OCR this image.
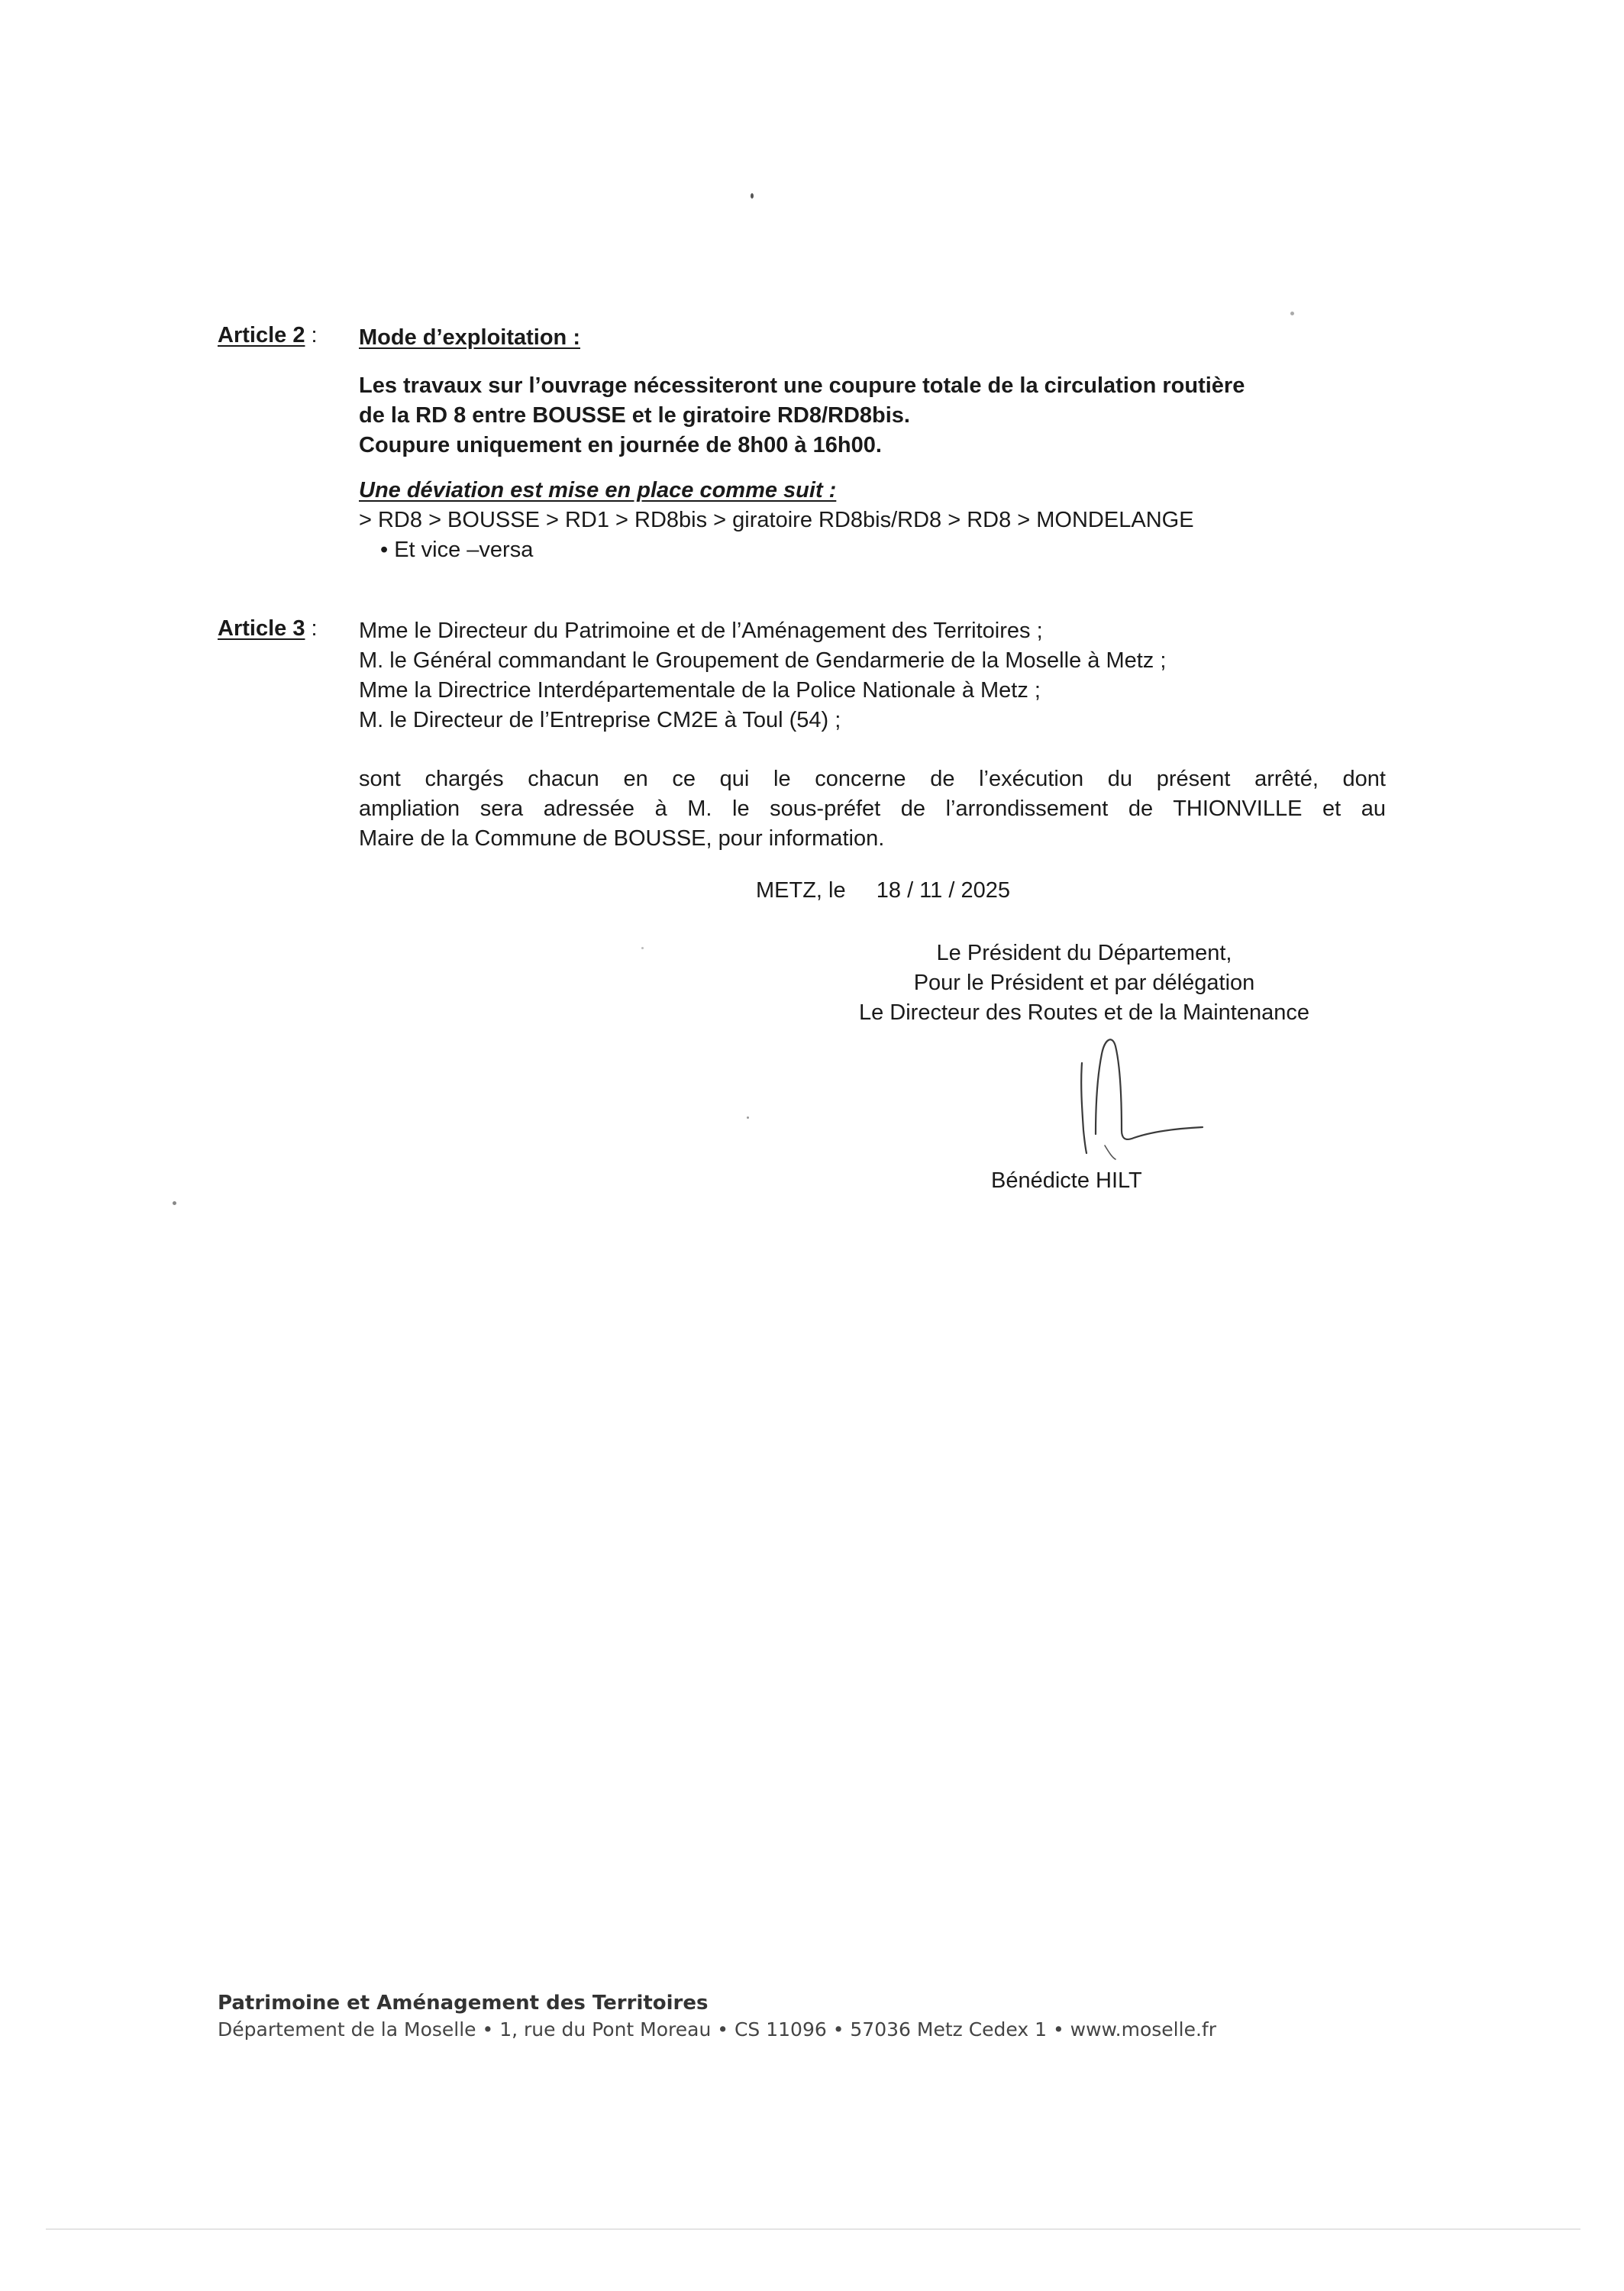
Article 2 : Mode d’exploitation :
Les travaux sur l’ouvrage nécessiteront une coupure totale de la circulation routière
de la RD 8 entre BOUSSE et le giratoire RD8/RD8bis.
Coupure uniquement en journée de 8h00 à 16h00.
Une déviation est mise en place comme suit :
> RD8 > BOUSSE > RD1 > RD8bis > giratoire RD8bis/RD8 > RD8 > MONDELANGE
• Et vice –versa
Article 3 : Mme le Directeur du Patrimoine et de l’Aménagement des Territoires ;
M. le Général commandant le Groupement de Gendarmerie de la Moselle à Metz ;
Mme la Directrice Interdépartementale de la Police Nationale à Metz ;
M. le Directeur de l’Entreprise CM2E à Toul (54) ;
sont chargés chacun en ce qui le concerne de l’exécution du présent arrêté, dont
ampliation sera adressée à M. le sous-préfet de l’arrondissement de THIONVILLE et au
Maire de la Commune de BOUSSE, pour information.
METZ, le 18 / 11 / 2025
Le Président du Département,
Pour le Président et par délégation
Le Directeur des Routes et de la Maintenance
Bénédicte HILT
Patrimoine et Aménagement des Territoires
Département de la Moselle • 1, rue du Pont Moreau • CS 11096 • 57036 Metz Cedex 1 • www.moselle.fr
